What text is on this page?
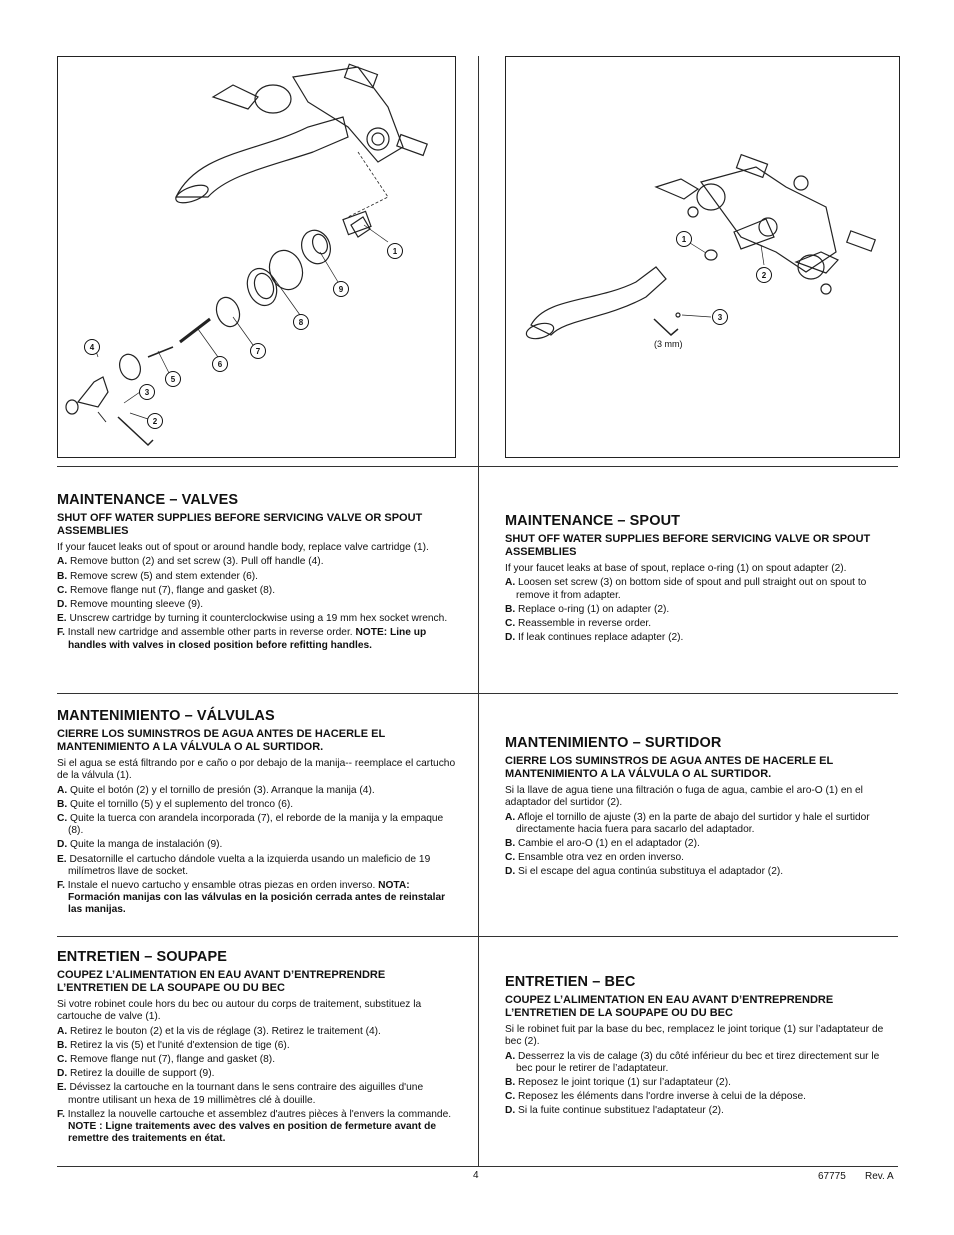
1
2
3
4
5
6
7
8
9
1
2
3
(3 mm)
MAINTENANCE – VALVES
SHUT OFF WATER SUPPLIES BEFORE SERVICING VALVE OR SPOUT ASSEMBLIES

If your faucet leaks out of spout or around handle body, replace valve cartridge (1).

A. Remove button (2) and set screw (3). Pull off handle (4).
B. Remove screw (5) and stem extender (6).
C. Remove flange nut (7), flange and gasket (8).
D. Remove mounting sleeve (9).
E. Unscrew cartridge by turning it counterclockwise using a 19 mm hex socket wrench.
F. Install new cartridge and assemble other parts in reverse order. NOTE: Line up handles with valves in closed position before refitting handles.
MAINTENANCE – SPOUT
SHUT OFF WATER SUPPLIES BEFORE SERVICING VALVE OR SPOUT ASSEMBLIES

If your faucet leaks at base of spout, replace o-ring (1) on spout adapter (2).

A. Loosen set screw (3) on bottom side of spout and pull straight out on spout to remove it from adapter.
B. Replace o-ring (1) on adapter (2).
C. Reassemble in reverse order.
D. If leak continues replace adapter (2).
MANTENIMIENTO – VÁLVULAS
CIERRE LOS SUMINSTROS DE AGUA ANTES DE HACERLE EL MANTENIMIENTO A LA VÁLVULA O AL SURTIDOR.

Si el agua se está filtrando por e caño o por debajo de la manija-- reemplace el cartucho de la válvula (1).

A. Quite el botón (2) y el tornillo de presión (3). Arranque la manija (4).
B. Quite el tornillo (5) y el suplemento del tronco (6).
C. Quite la tuerca con arandela incorporada (7), el reborde de la manija y la empaque (8).
D. Quite la manga de instalación (9).
E. Desatornille el cartucho dándole vuelta a la izquierda usando un maleficio de 19 milímetros llave de socket.
F. Instale el nuevo cartucho y ensamble otras piezas en orden inverso. NOTA: Formación manijas con las válvulas en la posición cerrada antes de reinstalar las manijas.
MANTENIMIENTO – SURTIDOR
CIERRE LOS SUMINSTROS DE AGUA ANTES DE HACERLE EL MANTENIMIENTO A LA VÁLVULA O AL SURTIDOR.

Si la llave de agua tiene una filtración o fuga de agua, cambie el aro-O (1) en el adaptador del surtidor (2).

A. Afloje el tornillo de ajuste (3) en la parte de abajo del surtidor y hale el surtidor directamente hacia fuera para sacarlo del adaptador.
B. Cambie el aro-O (1) en el adaptador (2).
C. Ensamble otra vez en orden inverso.
D. Si el escape del agua continúa substituya el adaptador (2).
ENTRETIEN – SOUPAPE
COUPEZ L’ALIMENTATION EN EAU AVANT D’ENTREPRENDRE L’ENTRETIEN DE LA SOUPAPE OU DU BEC

Si votre robinet coule hors du bec ou autour du corps de traitement, substituez la cartouche de valve (1).

A. Retirez le bouton (2) et la vis de réglage (3). Retirez le traitement (4).
B. Retirez la vis (5) et l'unité d'extension de tige (6).
C. Remove flange nut (7), flange and gasket (8).
D. Retirez la douille de support (9).
E. Dévissez la cartouche en la tournant dans le sens contraire des aiguilles d'une montre utilisant un hexa de 19 millimètres clé à douille.
F. Installez la nouvelle cartouche et assemblez d'autres pièces à l'envers la commande. NOTE : Ligne traitements avec des valves en position de fermeture avant de remettre des traitements en état.
ENTRETIEN – BEC
COUPEZ L’ALIMENTATION EN EAU AVANT D’ENTREPRENDRE L’ENTRETIEN DE LA SOUPAPE OU DU BEC

Si le robinet fuit par la base du bec, remplacez le joint torique (1) sur l’adaptateur de bec (2).

A. Desserrez la vis de calage (3) du côté inférieur du bec et tirez directement sur le bec pour le retirer de l’adaptateur.
B. Reposez le joint torique (1) sur l’adaptateur (2).
C. Reposez les éléments dans l'ordre inverse à celui de la dépose.
D. Si la fuite continue substituez l'adaptateur (2).
4	67775 Rev. A
